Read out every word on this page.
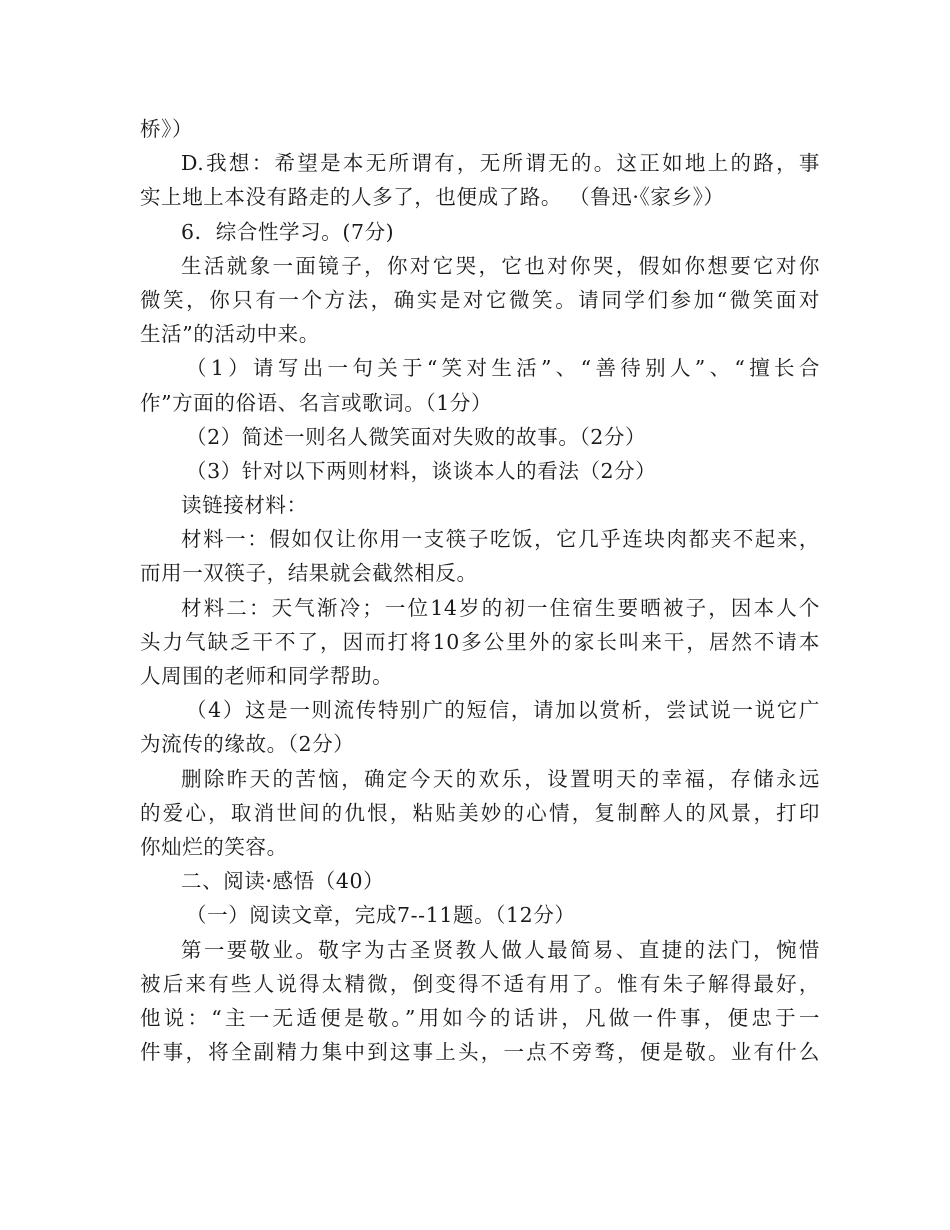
桥》）
D.我想：希望是本无所谓有，无所谓无的。这正如地上的路，事
实上地上本没有路走的人多了，也便成了路。 （鲁迅·《家乡》）
6．综合性学习。(7分)
生活就象一面镜子，你对它哭，它也对你哭，假如你想要它对你
微笑，你只有一个方法，确实是对它微笑。请同学们参加“微笑面对
生活”的活动中来。
（1）请写出一句关于“笑对生活”、“善待别人”、“擅长合
作”方面的俗语、名言或歌词。（1分）
（2）简述一则名人微笑面对失败的故事。（2分）
（3）针对以下两则材料，谈谈本人的看法（2分）
读链接材料：
材料一：假如仅让你用一支筷子吃饭，它几乎连块肉都夹不起来，
而用一双筷子，结果就会截然相反。
材料二：天气渐冷；一位14岁的初一住宿生要晒被子，因本人个
头力气缺乏干不了，因而打将10多公里外的家长叫来干，居然不请本
人周围的老师和同学帮助。
（4）这是一则流传特别广的短信，请加以赏析，尝试说一说它广
为流传的缘故。（2分）
删除昨天的苦恼，确定今天的欢乐，设置明天的幸福，存储永远
的爱心，取消世间的仇恨，粘贴美妙的心情，复制醉人的风景，打印
你灿烂的笑容。
二、阅读·感悟（40）
（一）阅读文章，完成7--11题。（12分）
第一要敬业。敬字为古圣贤教人做人最简易、直捷的法门，惋惜
被后来有些人说得太精微，倒变得不适有用了。惟有朱子解得最好，
他说：“主一无适便是敬。”用如今的话讲，凡做一件事，便忠于一
件事，将全副精力集中到这事上头，一点不旁骛，便是敬。业有什么
